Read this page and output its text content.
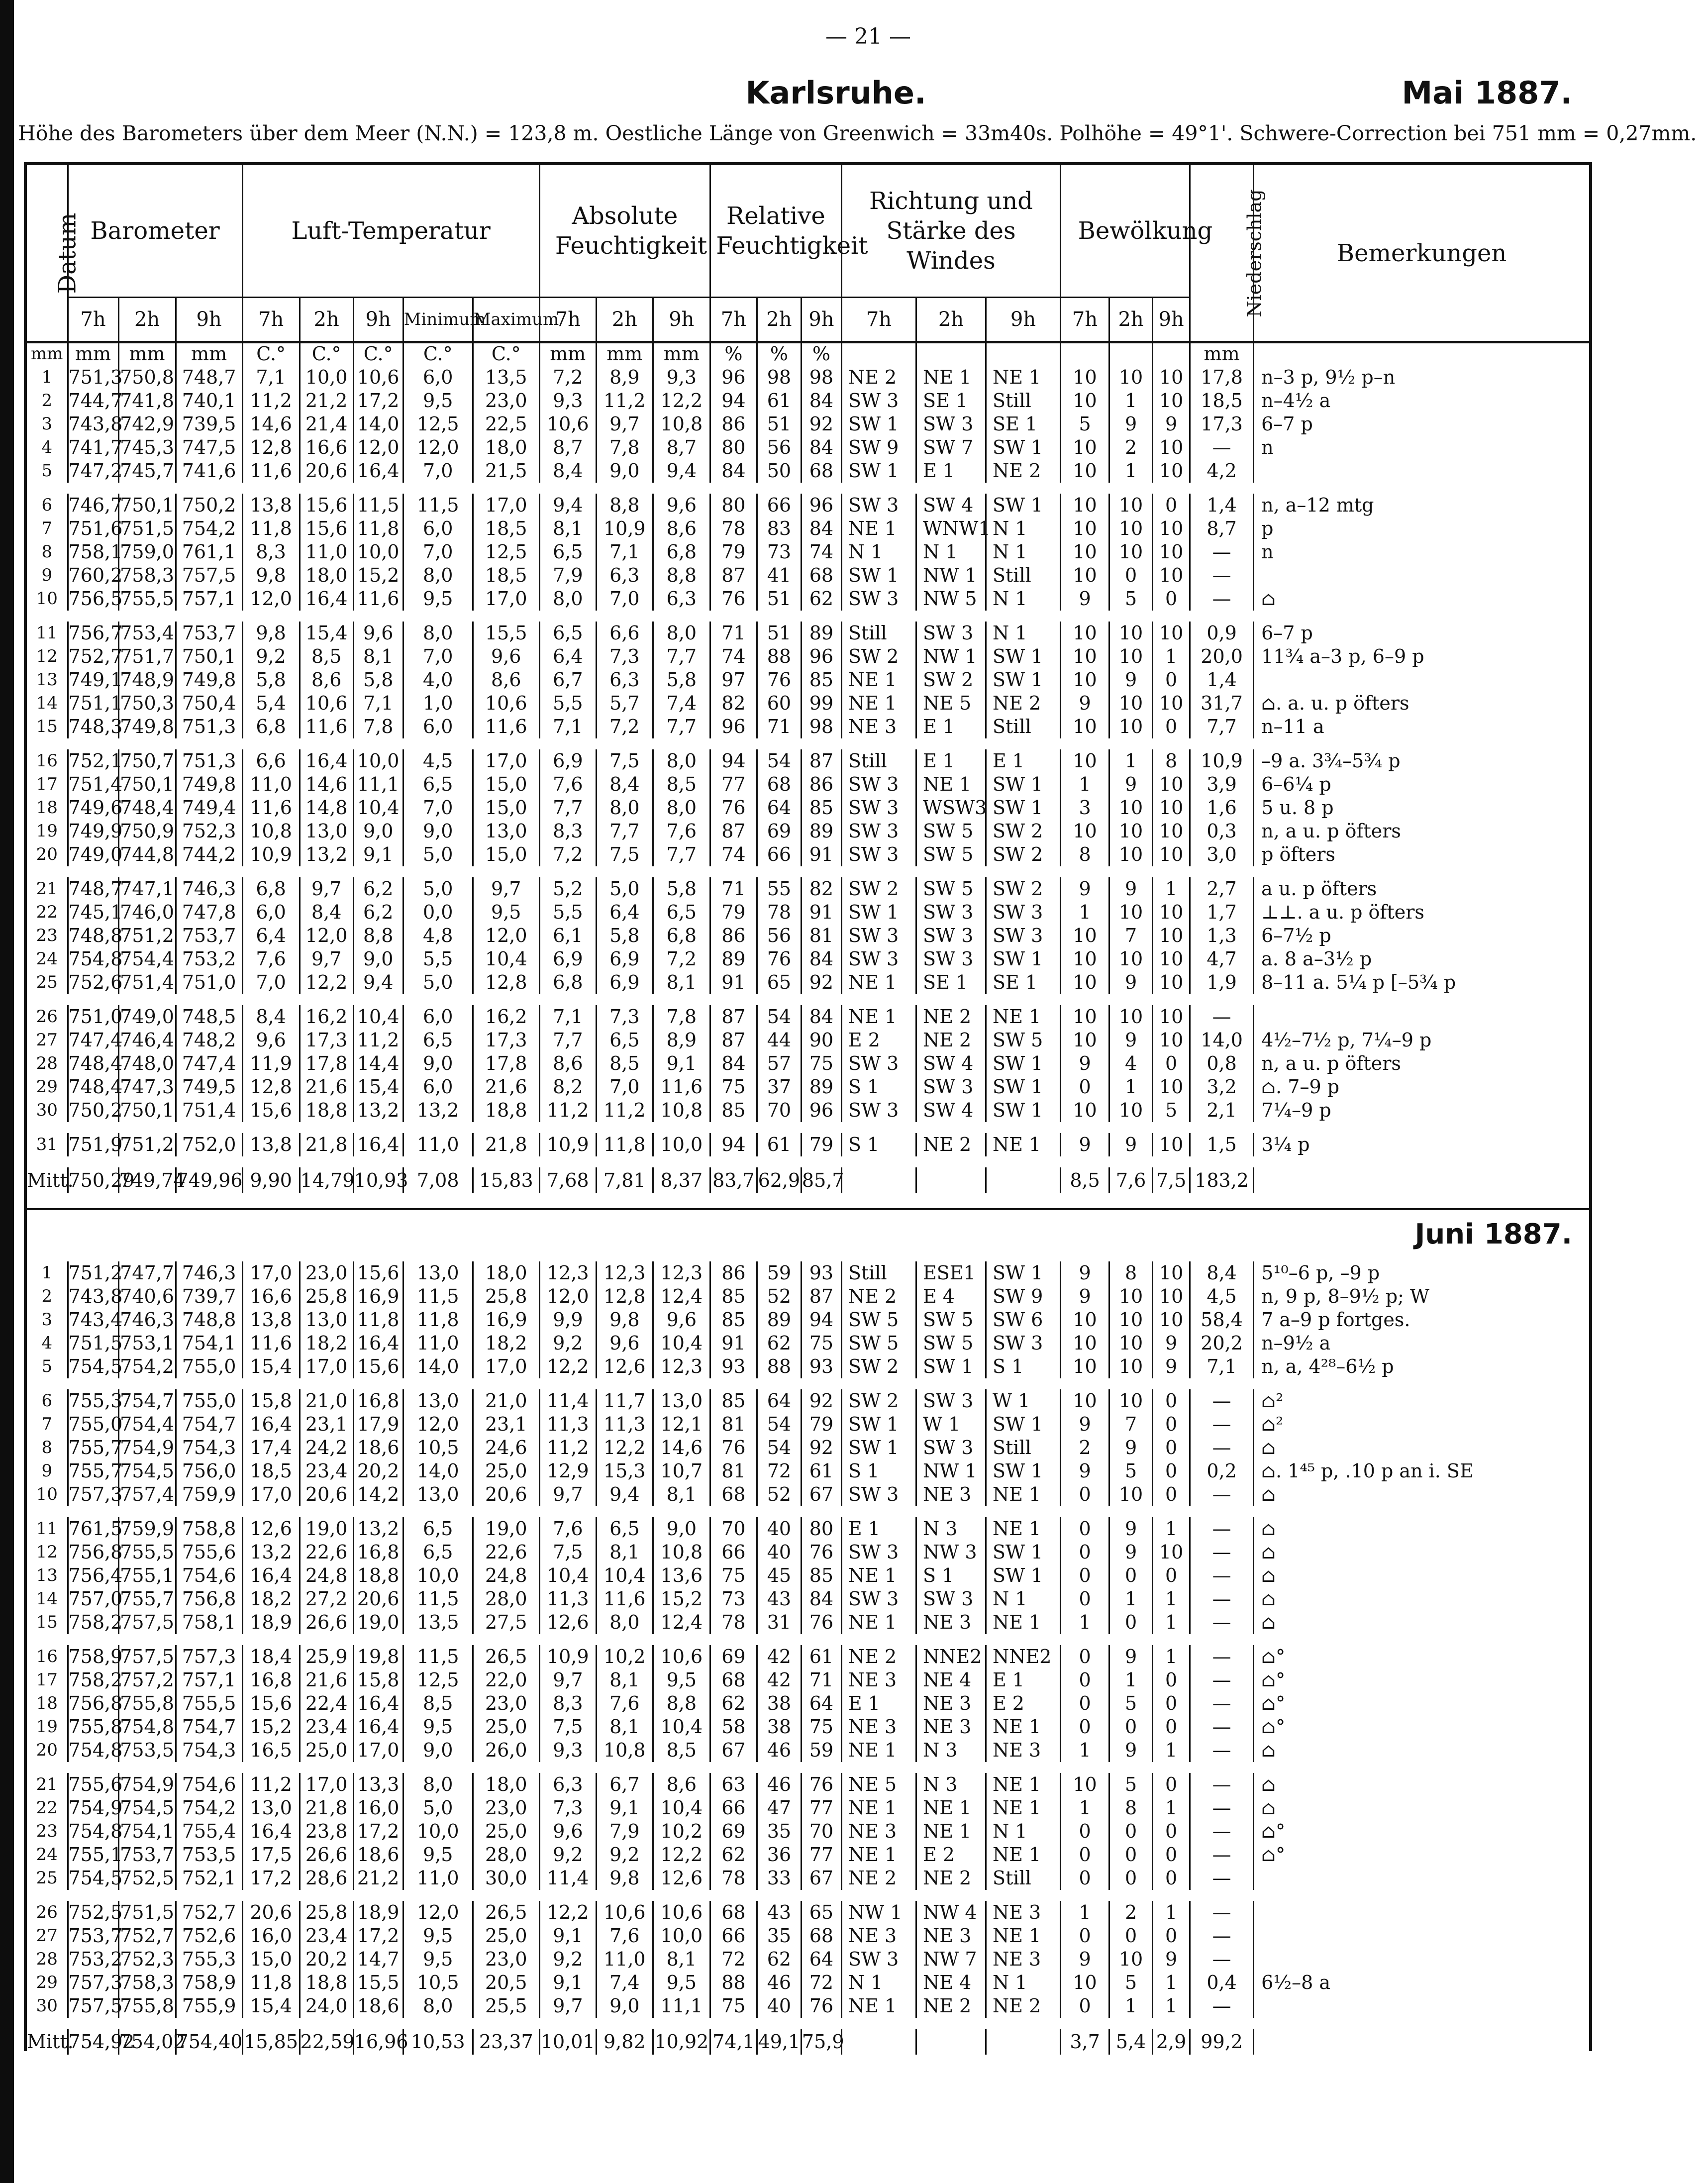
— 21 —
Karlsruhe.	Mai 1887.
Höhe des Barometers über dem Meer (N.N.) = 123,8 m. Oestliche Länge von Greenwich = 33m40s. Polhöhe = 49°1'. Schwere-Correction bei 751 mm = 0,27mm.
Datum	Barometer			Luft-Temperatur					Absolute Feuchtigkeit			Relative Feuchtigkeit			Richtung und Stärke des Windes			Bewölkung			Niederschlag	Bemerkungen
	7h	2h	9h	7h	2h	9h	Minimum	Maximum	7h	2h	9h	7h	2h	9h	7h	2h	9h	7h	2h	9h		
mm	mm	mm	mm	C.°	C.°	C.°	C.°	C.°	mm	mm	mm	%	%	%							mm	
1	751,3	750,8	748,7	7,1	10,0	10,6	6,0	13,5	7,2	8,9	9,3	96	98	98	NE 2	NE 1	NE 1	10	10	10	17,8	n–3 p, 9½ p–n
2	744,7	741,8	740,1	11,2	21,2	17,2	9,5	23,0	9,3	11,2	12,2	94	61	84	SW 3	SE 1	Still	10	1	10	18,5	n–4½ a
3	743,8	742,9	739,5	14,6	21,4	14,0	12,5	22,5	10,6	9,7	10,8	86	51	92	SW 1	SW 3	SE 1	5	9	9	17,3	6–7 p
4	741,7	745,3	747,5	12,8	16,6	12,0	12,0	18,0	8,7	7,8	8,7	80	56	84	SW 9	SW 7	SW 1	10	2	10	—	n
5	747,2	745,7	741,6	11,6	20,6	16,4	7,0	21,5	8,4	9,0	9,4	84	50	68	SW 1	E 1	NE 2	10	1	10	4,2	
6	746,7	750,1	750,2	13,8	15,6	11,5	11,5	17,0	9,4	8,8	9,6	80	66	96	SW 3	SW 4	SW 1	10	10	0	1,4	n, a–12 mtg
7	751,6	751,5	754,2	11,8	15,6	11,8	6,0	18,5	8,1	10,9	8,6	78	83	84	NE 1	WNW1	N 1	10	10	10	8,7	p
8	758,1	759,0	761,1	8,3	11,0	10,0	7,0	12,5	6,5	7,1	6,8	79	73	74	N 1	N 1	N 1	10	10	10	—	n
9	760,2	758,3	757,5	9,8	18,0	15,2	8,0	18,5	7,9	6,3	8,8	87	41	68	SW 1	NW 1	Still	10	0	10	—	
10	756,5	755,5	757,1	12,0	16,4	11,6	9,5	17,0	8,0	7,0	6,3	76	51	62	SW 3	NW 5	N 1	9	5	0	—	⌂
11	756,7	753,4	753,7	9,8	15,4	9,6	8,0	15,5	6,5	6,6	8,0	71	51	89	Still	SW 3	N 1	10	10	10	0,9	6–7 p
12	752,7	751,7	750,1	9,2	8,5	8,1	7,0	9,6	6,4	7,3	7,7	74	88	96	SW 2	NW 1	SW 1	10	10	1	20,0	11¾ a–3 p, 6–9 p
13	749,1	748,9	749,8	5,8	8,6	5,8	4,0	8,6	6,7	6,3	5,8	97	76	85	NE 1	SW 2	SW 1	10	9	0	1,4	
14	751,1	750,3	750,4	5,4	10,6	7,1	1,0	10,6	5,5	5,7	7,4	82	60	99	NE 1	NE 5	NE 2	9	10	10	31,7	⌂. a. u. p öfters
15	748,3	749,8	751,3	6,8	11,6	7,8	6,0	11,6	7,1	7,2	7,7	96	71	98	NE 3	E 1	Still	10	10	0	7,7	n–11 a
16	752,1	750,7	751,3	6,6	16,4	10,0	4,5	17,0	6,9	7,5	8,0	94	54	87	Still	E 1	E 1	10	1	8	10,9	–9 a. 3¾–5¾ p
17	751,4	750,1	749,8	11,0	14,6	11,1	6,5	15,0	7,6	8,4	8,5	77	68	86	SW 3	NE 1	SW 1	1	9	10	3,9	6–6¼ p
18	749,6	748,4	749,4	11,6	14,8	10,4	7,0	15,0	7,7	8,0	8,0	76	64	85	SW 3	WSW3	SW 1	3	10	10	1,6	5 u. 8 p
19	749,9	750,9	752,3	10,8	13,0	9,0	9,0	13,0	8,3	7,7	7,6	87	69	89	SW 3	SW 5	SW 2	10	10	10	0,3	n, a u. p öfters
20	749,0	744,8	744,2	10,9	13,2	9,1	5,0	15,0	7,2	7,5	7,7	74	66	91	SW 3	SW 5	SW 2	8	10	10	3,0	p öfters
21	748,7	747,1	746,3	6,8	9,7	6,2	5,0	9,7	5,2	5,0	5,8	71	55	82	SW 2	SW 5	SW 2	9	9	1	2,7	a u. p öfters
22	745,1	746,0	747,8	6,0	8,4	6,2	0,0	9,5	5,5	6,4	6,5	79	78	91	SW 1	SW 3	SW 3	1	10	10	1,7	⊥⊥. a u. p öfters
23	748,8	751,2	753,7	6,4	12,0	8,8	4,8	12,0	6,1	5,8	6,8	86	56	81	SW 3	SW 3	SW 3	10	7	10	1,3	6–7½ p
24	754,8	754,4	753,2	7,6	9,7	9,0	5,5	10,4	6,9	6,9	7,2	89	76	84	SW 3	SW 3	SW 1	10	10	10	4,7	a. 8 a–3½ p
25	752,6	751,4	751,0	7,0	12,2	9,4	5,0	12,8	6,8	6,9	8,1	91	65	92	NE 1	SE 1	SE 1	10	9	10	1,9	8–11 a. 5¼ p [–5¾ p
26	751,0	749,0	748,5	8,4	16,2	10,4	6,0	16,2	7,1	7,3	7,8	87	54	84	NE 1	NE 2	NE 1	10	10	10	—	
27	747,4	746,4	748,2	9,6	17,3	11,2	6,5	17,3	7,7	6,5	8,9	87	44	90	E 2	NE 2	SW 5	10	9	10	14,0	4½–7½ p, 7¼–9 p
28	748,4	748,0	747,4	11,9	17,8	14,4	9,0	17,8	8,6	8,5	9,1	84	57	75	SW 3	SW 4	SW 1	9	4	0	0,8	n, a u. p öfters
29	748,4	747,3	749,5	12,8	21,6	15,4	6,0	21,6	8,2	7,0	11,6	75	37	89	S 1	SW 3	SW 1	0	1	10	3,2	⌂. 7–9 p
30	750,2	750,1	751,4	15,6	18,8	13,2	13,2	18,8	11,2	11,2	10,8	85	70	96	SW 3	SW 4	SW 1	10	10	5	2,1	7¼–9 p
31	751,9	751,2	752,0	13,8	21,8	16,4	11,0	21,8	10,9	11,8	10,0	94	61	79	S 1	NE 2	NE 1	9	9	10	1,5	3¼ p
Mitt.	750,29	749,74	749,96	9,90	14,79	10,93	7,08	15,83	7,68	7,81	8,37	83,7	62,9	85,7				8,5	7,6	7,5	183,2	
Juni 1887.
1	751,2	747,7	746,3	17,0	23,0	15,6	13,0	18,0	12,3	12,3	12,3	86	59	93	Still	ESE1	SW 1	9	8	10	8,4	5¹⁰–6 p, –9 p
2	743,8	740,6	739,7	16,6	25,8	16,9	11,5	25,8	12,0	12,8	12,4	85	52	87	NE 2	E 4	SW 9	9	10	10	4,5	n, 9 p, 8–9½ p; W
3	743,4	746,3	748,8	13,8	13,0	11,8	11,8	16,9	9,9	9,8	9,6	85	89	94	SW 5	SW 5	SW 6	10	10	10	58,4	7 a–9 p fortges.
4	751,5	753,1	754,1	11,6	18,2	16,4	11,0	18,2	9,2	9,6	10,4	91	62	75	SW 5	SW 5	SW 3	10	10	9	20,2	n–9½ a
5	754,5	754,2	755,0	15,4	17,0	15,6	14,0	17,0	12,2	12,6	12,3	93	88	93	SW 2	SW 1	S 1	10	10	9	7,1	n, a, 4²⁸–6½ p
6	755,3	754,7	755,0	15,8	21,0	16,8	13,0	21,0	11,4	11,7	13,0	85	64	92	SW 2	SW 3	W 1	10	10	0	—	⌂²
7	755,0	754,4	754,7	16,4	23,1	17,9	12,0	23,1	11,3	11,3	12,1	81	54	79	SW 1	W 1	SW 1	9	7	0	—	⌂²
8	755,7	754,9	754,3	17,4	24,2	18,6	10,5	24,6	11,2	12,2	14,6	76	54	92	SW 1	SW 3	Still	2	9	0	—	⌂
9	755,7	754,5	756,0	18,5	23,4	20,2	14,0	25,0	12,9	15,3	10,7	81	72	61	S 1	NW 1	SW 1	9	5	0	0,2	⌂. 1⁴⁵ p, .10 p an i. SE
10	757,3	757,4	759,9	17,0	20,6	14,2	13,0	20,6	9,7	9,4	8,1	68	52	67	SW 3	NE 3	NE 1	0	10	0	—	⌂
11	761,5	759,9	758,8	12,6	19,0	13,2	6,5	19,0	7,6	6,5	9,0	70	40	80	E 1	N 3	NE 1	0	9	1	—	⌂
12	756,8	755,5	755,6	13,2	22,6	16,8	6,5	22,6	7,5	8,1	10,8	66	40	76	SW 3	NW 3	SW 1	0	9	10	—	⌂
13	756,4	755,1	754,6	16,4	24,8	18,8	10,0	24,8	10,4	10,4	13,6	75	45	85	NE 1	S 1	SW 1	0	0	0	—	⌂
14	757,0	755,7	756,8	18,2	27,2	20,6	11,5	28,0	11,3	11,6	15,2	73	43	84	SW 3	SW 3	N 1	0	1	1	—	⌂
15	758,2	757,5	758,1	18,9	26,6	19,0	13,5	27,5	12,6	8,0	12,4	78	31	76	NE 1	NE 3	NE 1	1	0	1	—	⌂
16	758,9	757,5	757,3	18,4	25,9	19,8	11,5	26,5	10,9	10,2	10,6	69	42	61	NE 2	NNE2	NNE2	0	9	1	—	⌂°
17	758,2	757,2	757,1	16,8	21,6	15,8	12,5	22,0	9,7	8,1	9,5	68	42	71	NE 3	NE 4	E 1	0	1	0	—	⌂°
18	756,8	755,8	755,5	15,6	22,4	16,4	8,5	23,0	8,3	7,6	8,8	62	38	64	E 1	NE 3	E 2	0	5	0	—	⌂°
19	755,8	754,8	754,7	15,2	23,4	16,4	9,5	25,0	7,5	8,1	10,4	58	38	75	NE 3	NE 3	NE 1	0	0	0	—	⌂°
20	754,8	753,5	754,3	16,5	25,0	17,0	9,0	26,0	9,3	10,8	8,5	67	46	59	NE 1	N 3	NE 3	1	9	1	—	⌂
21	755,6	754,9	754,6	11,2	17,0	13,3	8,0	18,0	6,3	6,7	8,6	63	46	76	NE 5	N 3	NE 1	10	5	0	—	⌂
22	754,9	754,5	754,2	13,0	21,8	16,0	5,0	23,0	7,3	9,1	10,4	66	47	77	NE 1	NE 1	NE 1	1	8	1	—	⌂
23	754,8	754,1	755,4	16,4	23,8	17,2	10,0	25,0	9,6	7,9	10,2	69	35	70	NE 3	NE 1	N 1	0	0	0	—	⌂°
24	755,1	753,7	753,5	17,5	26,6	18,6	9,5	28,0	9,2	9,2	12,2	62	36	77	NE 1	E 2	NE 1	0	0	0	—	⌂°
25	754,5	752,5	752,1	17,2	28,6	21,2	11,0	30,0	11,4	9,8	12,6	78	33	67	NE 2	NE 2	Still	0	0	0	—	
26	752,5	751,5	752,7	20,6	25,8	18,9	12,0	26,5	12,2	10,6	10,6	68	43	65	NW 1	NW 4	NE 3	1	2	1	—	
27	753,7	752,7	752,6	16,0	23,4	17,2	9,5	25,0	9,1	7,6	10,0	66	35	68	NE 3	NE 3	NE 1	0	0	0	—	
28	753,2	752,3	755,3	15,0	20,2	14,7	9,5	23,0	9,2	11,0	8,1	72	62	64	SW 3	NW 7	NE 3	9	10	9	—	
29	757,3	758,3	758,9	11,8	18,8	15,5	10,5	20,5	9,1	7,4	9,5	88	46	72	N 1	NE 4	N 1	10	5	1	0,4	6½–8 a
30	757,5	755,8	755,9	15,4	24,0	18,6	8,0	25,5	9,7	9,0	11,1	75	40	76	NE 1	NE 2	NE 2	0	1	1	—	
Mitt.	754,92	754,02	754,40	15,85	22,59	16,96	10,53	23,37	10,01	9,82	10,92	74,1	49,1	75,9				3,7	5,4	2,9	99,2	
